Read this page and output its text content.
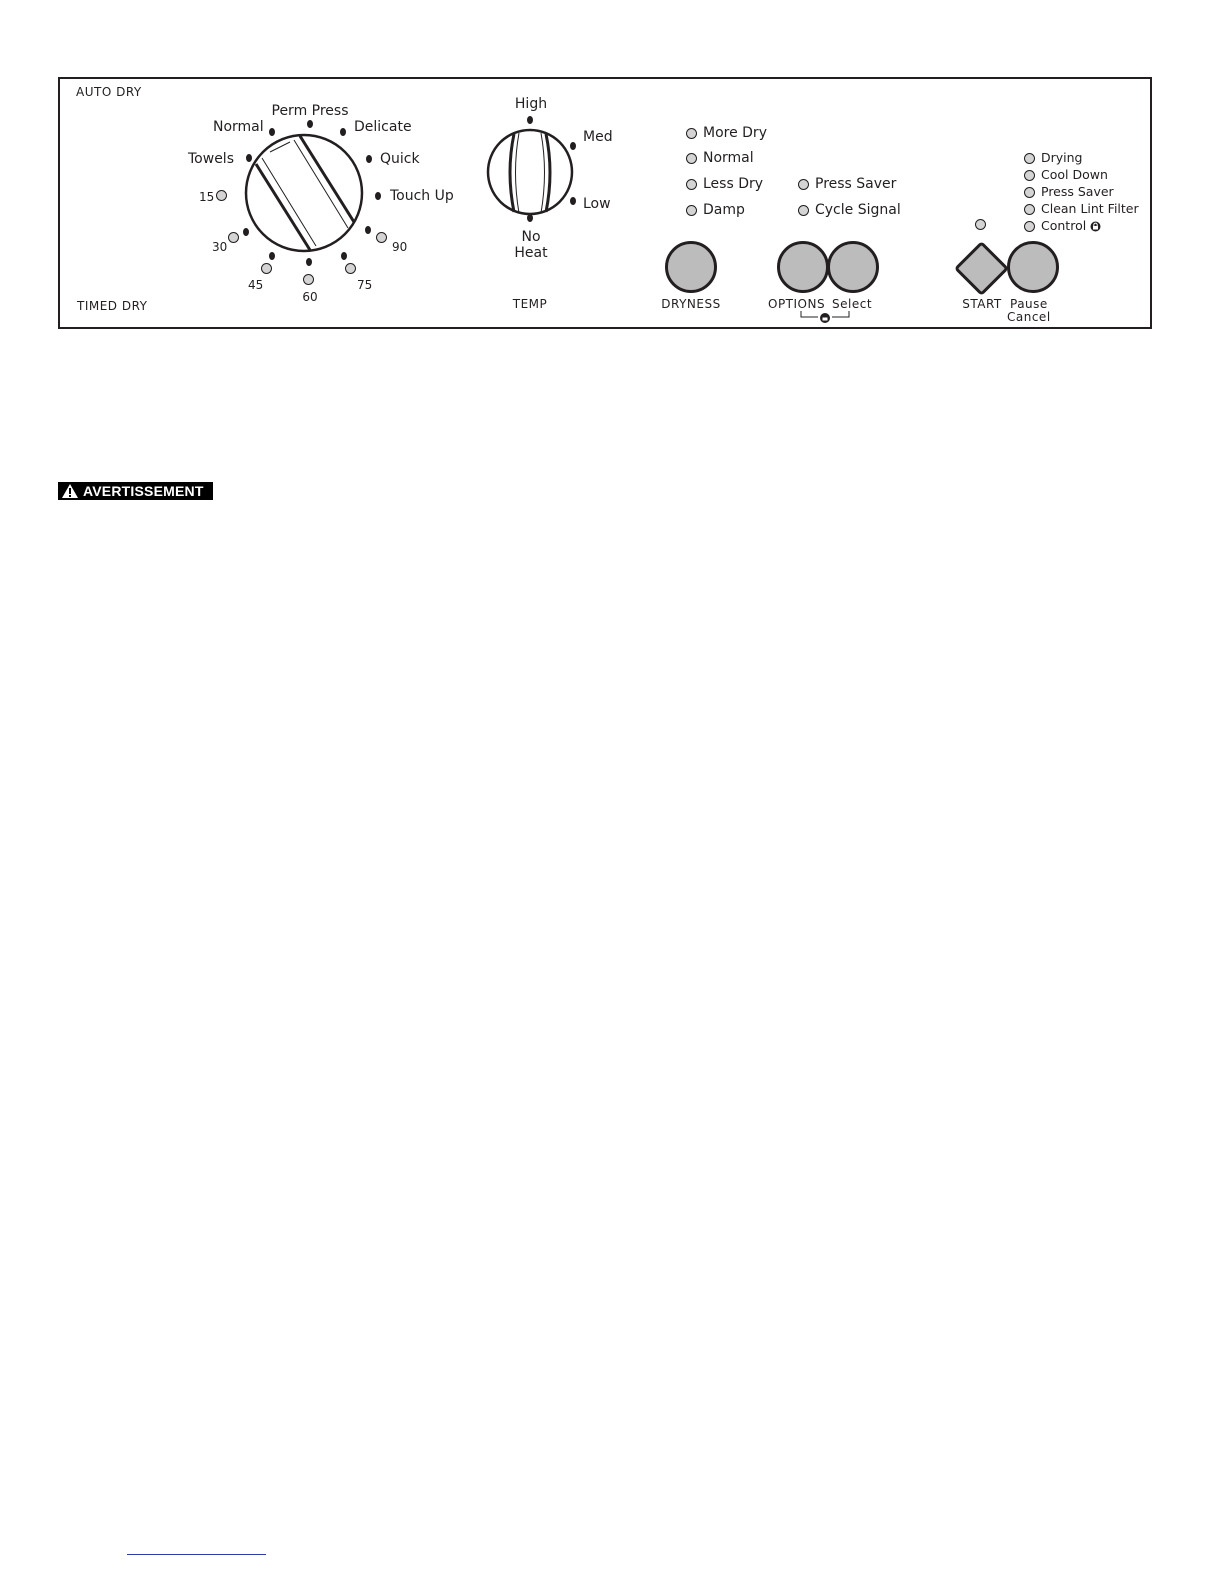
AUTO DRY
TIMED DRY
Towels
Normal
Perm Press
Delicate
Quick
Touch Up
15
30
45
60
75
90
High
Med
Low
No
Heat
TEMP
More Dry
Normal
Less Dry
Damp
Press Saver
Cycle Signal
Drying
Cool Down
Press Saver
Clean Lint Filter
Control
DRYNESS	OPTIONS Select	START Pause
Cancel
AVERTISSEMENT
